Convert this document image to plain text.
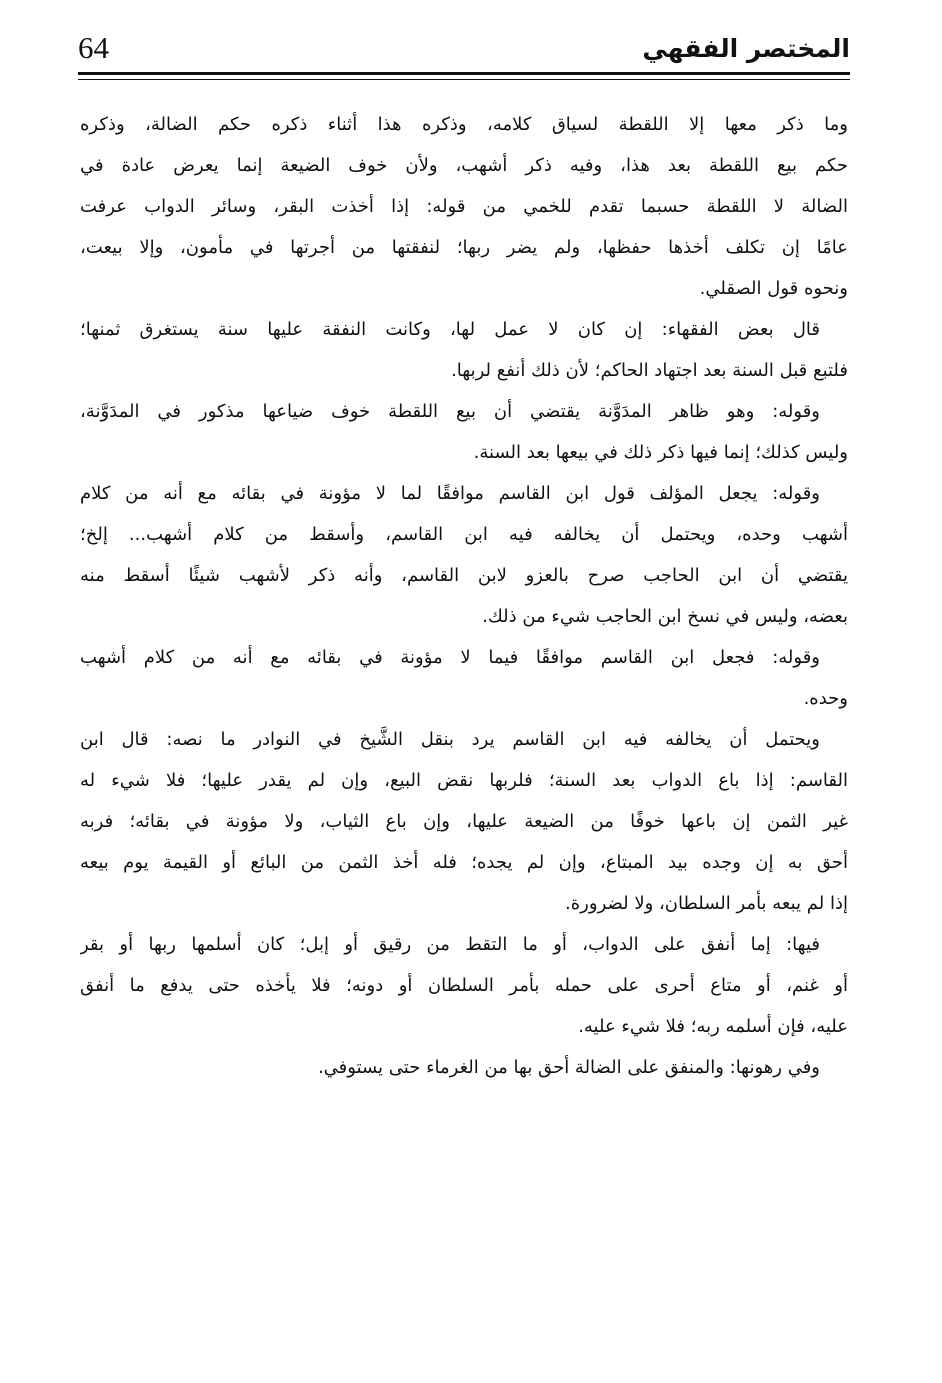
64	المختصر الفقهي
وما ذكر معها إلا اللقطة لسياق كلامه، وذكره هذا أثناء ذكره حكم الضالة، وذكره
حكم بيع اللقطة بعد هذا، وفيه ذكر أشهب، ولأن خوف الضيعة إنما يعرض عادة في
الضالة لا اللقطة حسبما تقدم للخمي من قوله: إذا أخذت البقر، وسائر الدواب عرفت
عامًا إن تكلف أخذها حفظها، ولم يضر ربها؛ لنفقتها من أجرتها في مأمون، وإلا بيعت،
ونحوه قول الصقلي.
قال بعض الفقهاء: إن كان لا عمل لها، وكانت النفقة عليها سنة يستغرق ثمنها؛
فلتبع قبل السنة بعد اجتهاد الحاكم؛ لأن ذلك أنفع لربها.
وقوله: وهو ظاهر المدَوَّنة يقتضي أن بيع اللقطة خوف ضياعها مذكور في المدَوَّنة،
وليس كذلك؛ إنما فيها ذكر ذلك في بيعها بعد السنة.
وقوله: يجعل المؤلف قول ابن القاسم موافقًا لما لا مؤونة في بقائه مع أنه من كلام
أشهب وحده، ويحتمل أن يخالفه فيه ابن القاسم، وأسقط من كلام أشهب... إلخ؛
يقتضي أن ابن الحاجب صرح بالعزو لابن القاسم، وأنه ذكر لأشهب شيئًا أسقط منه
بعضه، وليس في نسخ ابن الحاجب شيء من ذلك.
وقوله: فجعل ابن القاسم موافقًا فيما لا مؤونة في بقائه مع أنه من كلام أشهب
وحده.
ويحتمل أن يخالفه فيه ابن القاسم يرد بنقل الشَّيخ في النوادر ما نصه: قال ابن
القاسم: إذا باع الدواب بعد السنة؛ فلربها نقض البيع، وإن لم يقدر عليها؛ فلا شيء له
غير الثمن إن باعها خوفًا من الضيعة عليها، وإن باع الثياب، ولا مؤونة في بقائه؛ فربه
أحق به إن وجده بيد المبتاع، وإن لم يجده؛ فله أخذ الثمن من البائع أو القيمة يوم بيعه
إذا لم يبعه بأمر السلطان، ولا لضرورة.
فيها: إما أنفق على الدواب، أو ما التقط من رقيق أو إبل؛ كان أسلمها ربها أو بقر
أو غنم، أو متاع أحرى على حمله بأمر السلطان أو دونه؛ فلا يأخذه حتى يدفع ما أنفق
عليه، فإن أسلمه ربه؛ فلا شيء عليه.
وفي رهونها: والمنفق على الضالة أحق بها من الغرماء حتى يستوفي.
